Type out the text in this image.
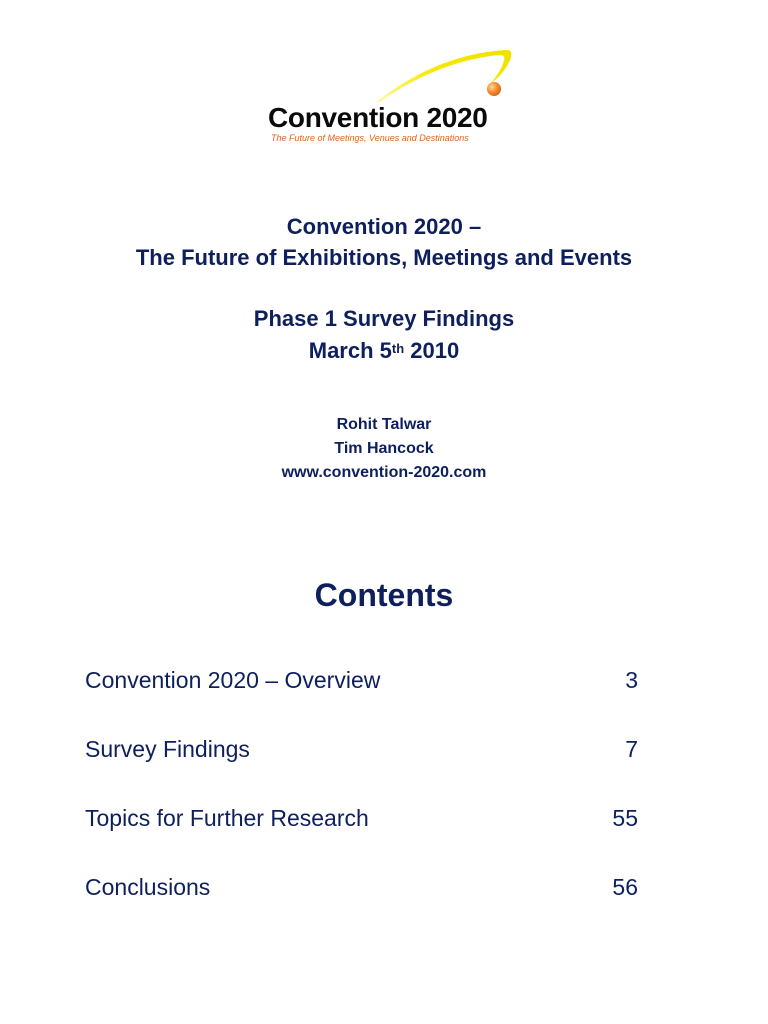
Convention 2020
The Future of Meetings, Venues and Destinations
Convention 2020 –
The Future of Exhibitions, Meetings and Events
Phase 1 Survey Findings
March 5th 2010
Rohit Talwar
Tim Hancock
www.convention-2020.com
Contents
Convention 2020 – Overview	3
Survey Findings	7
Topics for Further Research	55
Conclusions	56
